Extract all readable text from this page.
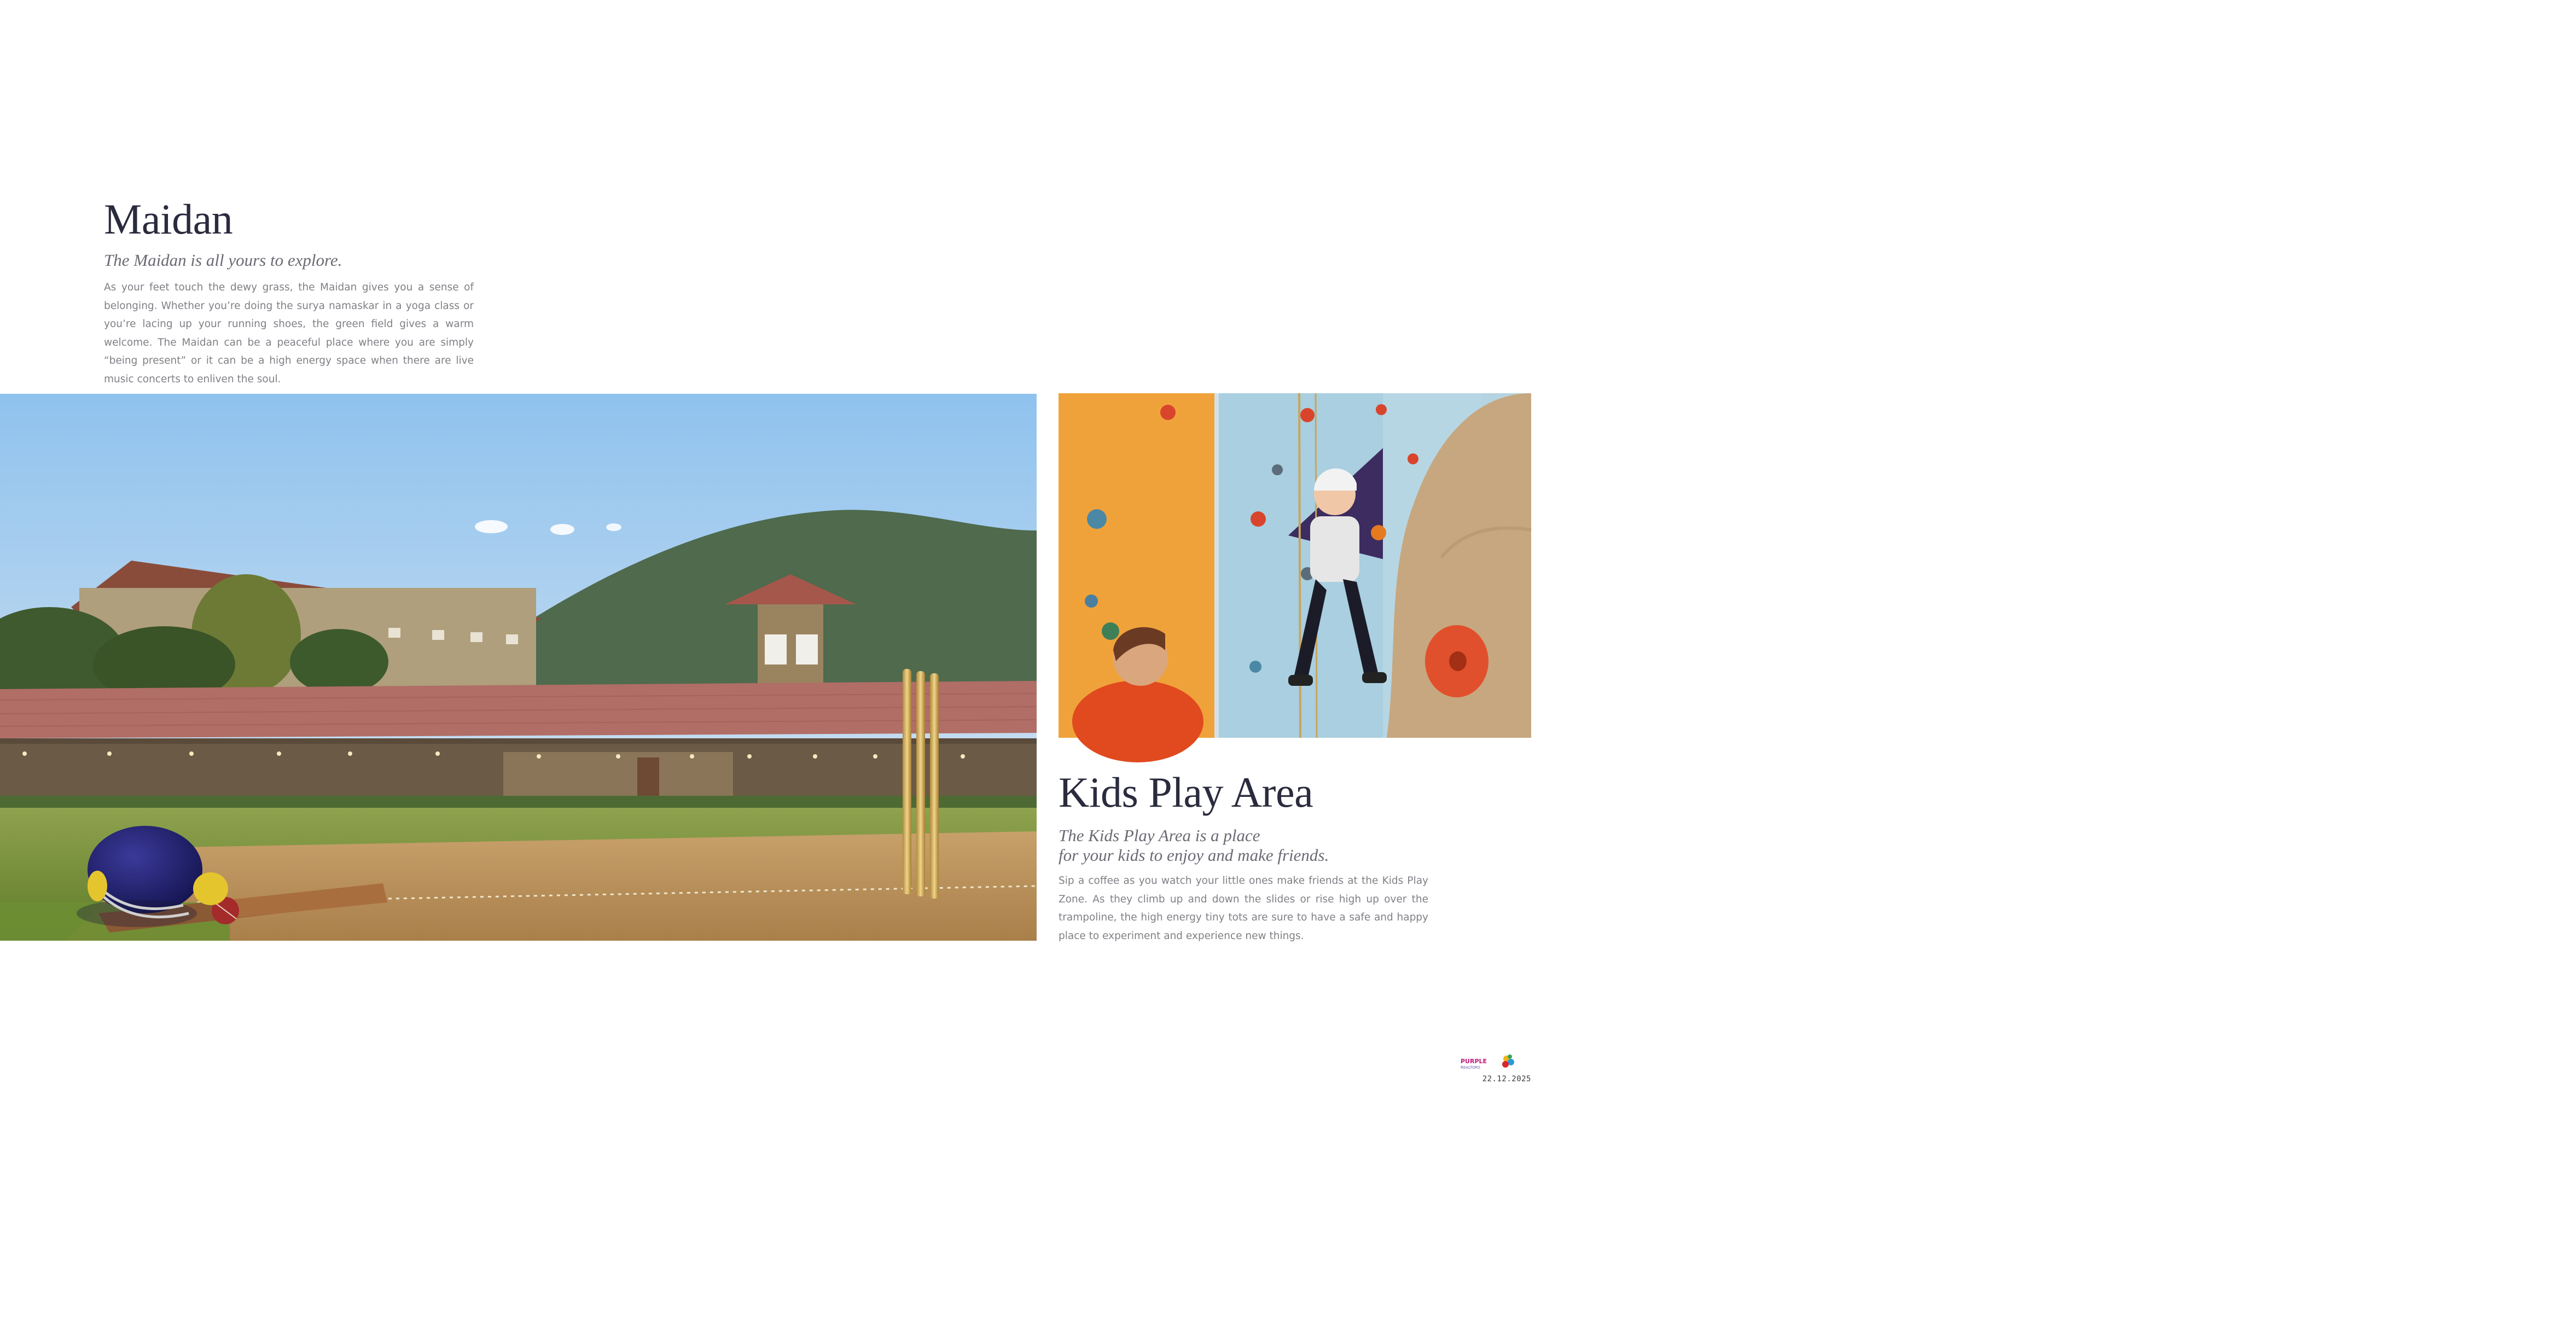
Maidan

The Maidan is all yours to explore.

As your feet touch the dewy grass, the Maidan gives you a sense of belonging. Whether you’re doing the surya namaskar in a yoga class or you’re lacing up your running shoes, the green field gives a warm welcome. The Maidan can be a peaceful place where you are simply “being present” or it can be a high energy space when there are live music concerts to enliven the soul.

Artist's impression
Stock Image
Kids Play Area

The Kids Play Area is a place
for your kids to enjoy and make friends.

Sip a coffee as you watch your little ones make friends at the Kids Play Zone. As they climb up and down the slides or rise high up over the trampoline, the high energy tiny tots are sure to have a safe and happy place to experiment and experience new things.

PURPLE
REALTORS
22.12.2025
